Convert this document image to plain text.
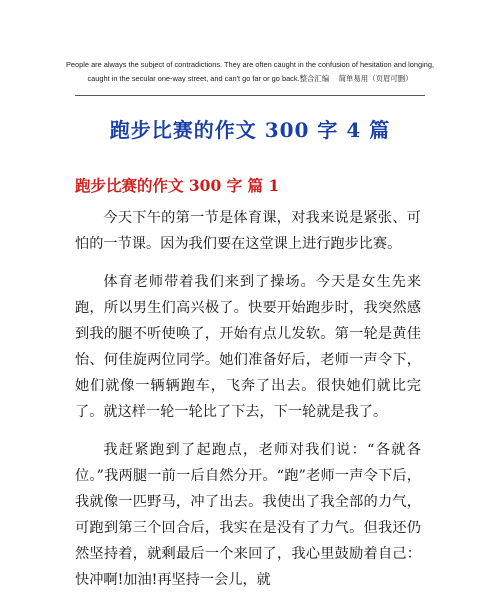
People are always the subject of contradictions. They are often caught in the confusion of hesitation and longing,
caught in the secular one-way street, and can't go far or go back.整合汇编　 简单易用（页眉可删）
跑步比赛的作文 300 字 4 篇
跑步比赛的作文 300 字 篇 1

今天下午的第一节是体育课，对我来说是紧张、可怕的一节课。因为我们要在这堂课上进行跑步比赛。

体育老师带着我们来到了操场。今天是女生先来跑，所以男生们高兴极了。快要开始跑步时，我突然感到我的腿不听使唤了，开始有点儿发软。第一轮是黄佳怡、何佳旋两位同学。她们准备好后，老师一声令下，她们就像一辆辆跑车，飞奔了出去。很快她们就比完了。就这样一轮一轮比了下去，下一轮就是我了。

我赶紧跑到了起跑点，老师对我们说：“各就各位。”我两腿一前一后自然分开。“跑”老师一声令下后，我就像一匹野马，冲了出去。我使出了我全部的力气，可跑到第三个回合后，我实在是没有了力气。但我还仍然坚持着，就剩最后一个来回了，我心里鼓励着自己：快冲啊!加油!再坚持一会儿，就
